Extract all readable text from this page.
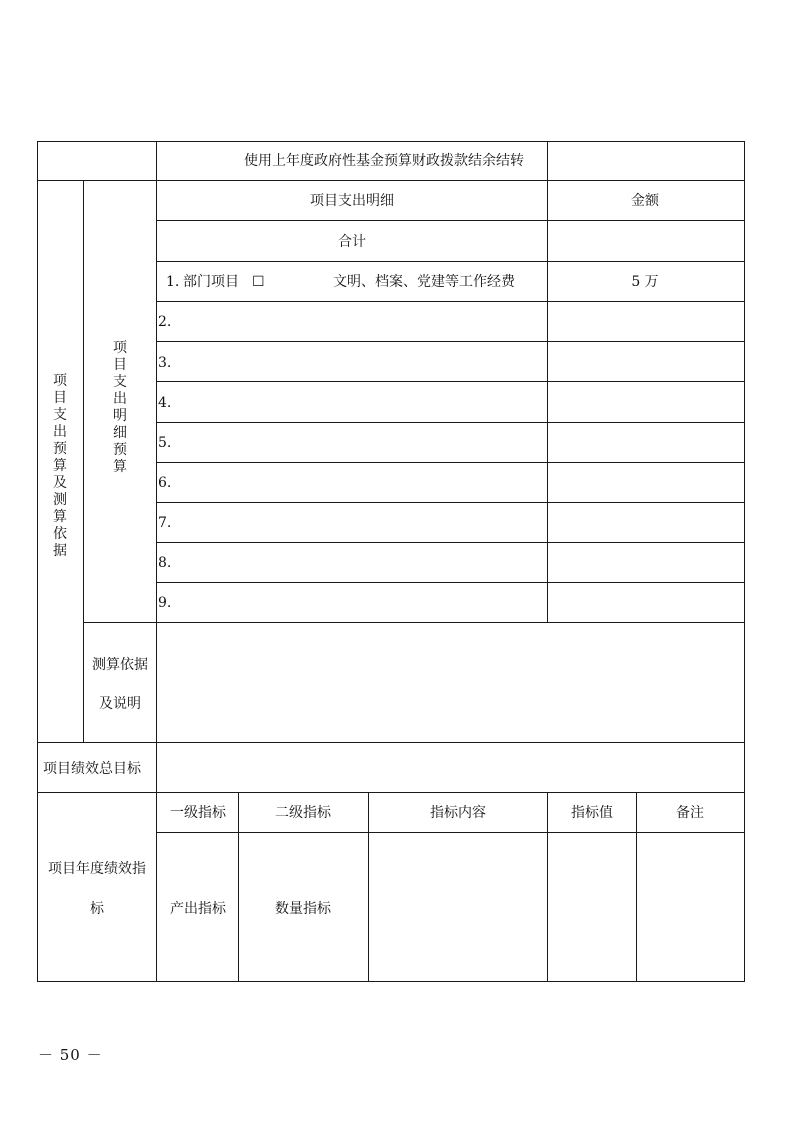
使用上年度政府性基金预算财政拨款结余结转
项目支出预算及测算依据
项目支出明细预算
项目支出明细	金额
合计
1. 部门项目 ☐	文明、档案、党建等工作经费	5 万
2.
3.
4.
5.
6.
7.
8.
9.
测算依据
及说明
项目绩效总目标
一级指标	二级指标	指标内容	指标值	备注
项目年度绩效指
标	产出指标	数量指标
－ 50 －
